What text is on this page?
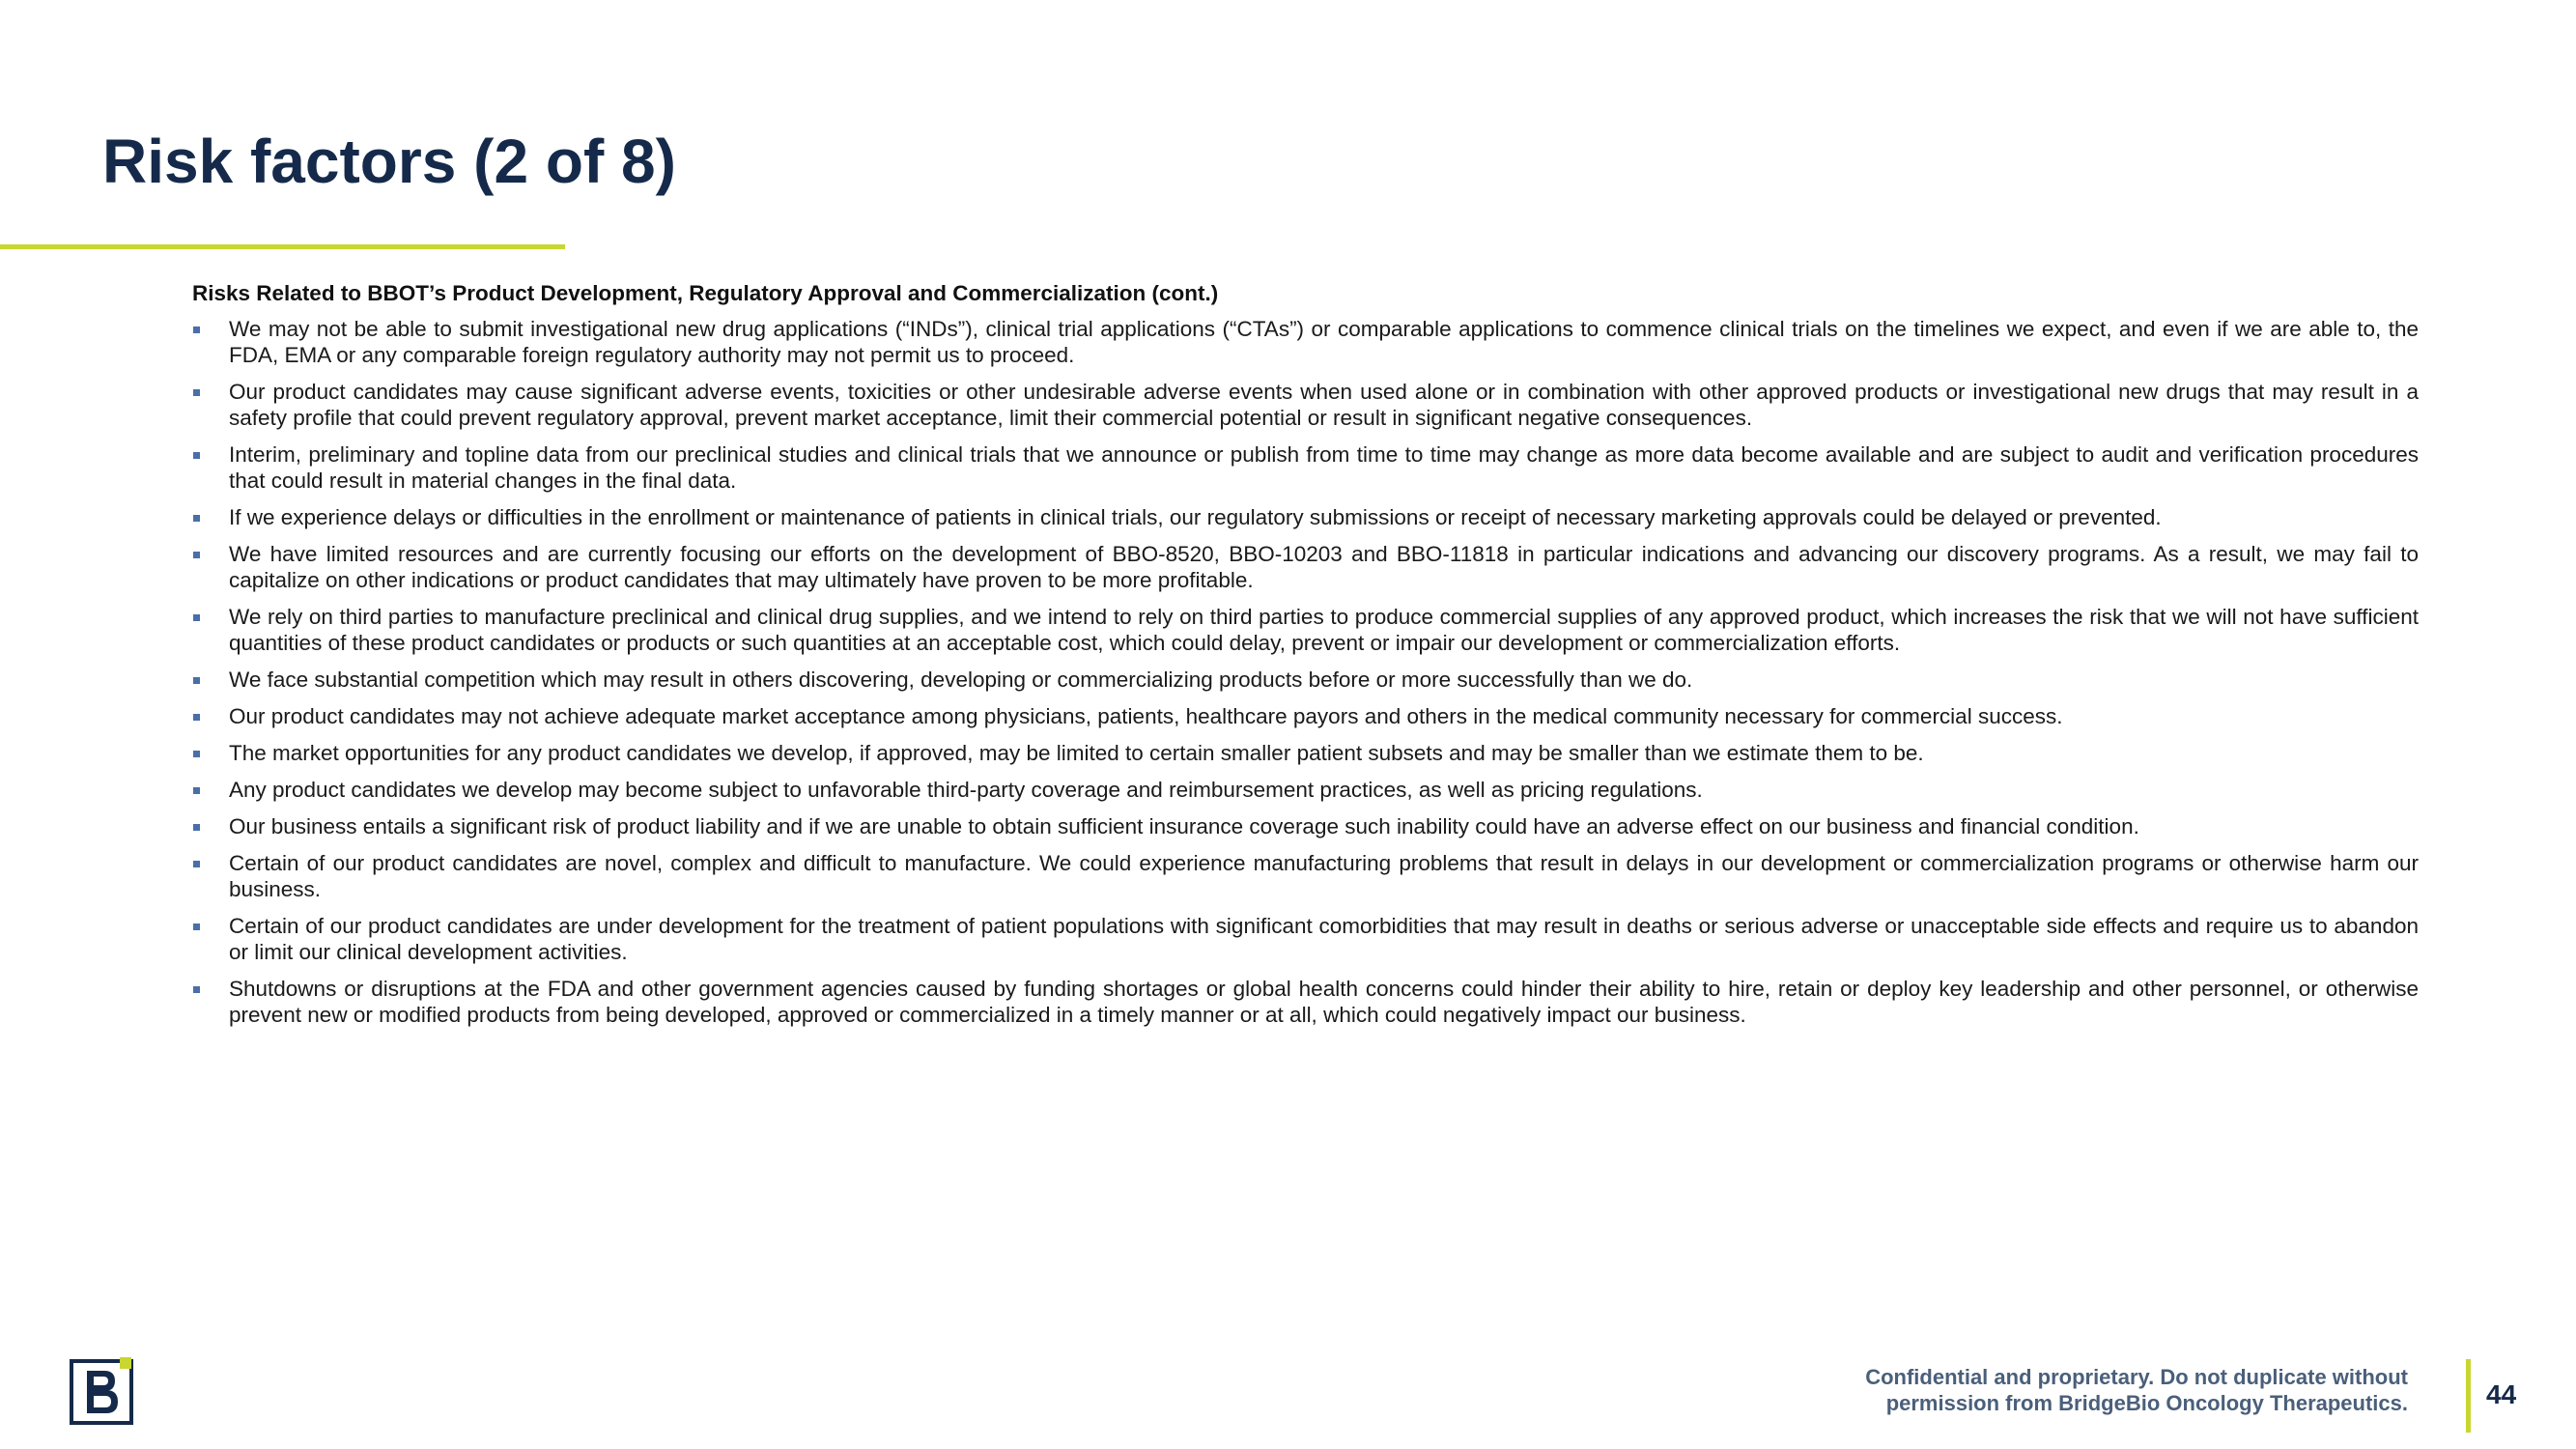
Risk factors (2 of 8)

Risks Related to BBOT’s Product Development, Regulatory Approval and Commercialization (cont.)

We may not be able to submit investigational new drug applications (“INDs”), clinical trial applications (“CTAs”) or comparable applications to commence clinical trials on the timelines we expect, and even if we are able to, the FDA, EMA or any comparable foreign regulatory authority may not permit us to proceed.
Our product candidates may cause significant adverse events, toxicities or other undesirable adverse events when used alone or in combination with other approved products or investigational new drugs that may result in a safety profile that could prevent regulatory approval, prevent market acceptance, limit their commercial potential or result in significant negative consequences.
Interim, preliminary and topline data from our preclinical studies and clinical trials that we announce or publish from time to time may change as more data become available and are subject to audit and verification procedures that could result in material changes in the final data.
If we experience delays or difficulties in the enrollment or maintenance of patients in clinical trials, our regulatory submissions or receipt of necessary marketing approvals could be delayed or prevented.
We have limited resources and are currently focusing our efforts on the development of BBO-8520, BBO-10203 and BBO-11818 in particular indications and advancing our discovery programs. As a result, we may fail to capitalize on other indications or product candidates that may ultimately have proven to be more profitable.
We rely on third parties to manufacture preclinical and clinical drug supplies, and we intend to rely on third parties to produce commercial supplies of any approved product, which increases the risk that we will not have sufficient quantities of these product candidates or products or such quantities at an acceptable cost, which could delay, prevent or impair our development or commercialization efforts.
We face substantial competition which may result in others discovering, developing or commercializing products before or more successfully than we do.
Our product candidates may not achieve adequate market acceptance among physicians, patients, healthcare payors and others in the medical community necessary for commercial success.
The market opportunities for any product candidates we develop, if approved, may be limited to certain smaller patient subsets and may be smaller than we estimate them to be.
Any product candidates we develop may become subject to unfavorable third-party coverage and reimbursement practices, as well as pricing regulations.
Our business entails a significant risk of product liability and if we are unable to obtain sufficient insurance coverage such inability could have an adverse effect on our business and financial condition.
Certain of our product candidates are novel, complex and difficult to manufacture. We could experience manufacturing problems that result in delays in our development or commercialization programs or otherwise harm our business.
Certain of our product candidates are under development for the treatment of patient populations with significant comorbidities that may result in deaths or serious adverse or unacceptable side effects and require us to abandon or limit our clinical development activities.
Shutdowns or disruptions at the FDA and other government agencies caused by funding shortages or global health concerns could hinder their ability to hire, retain or deploy key leadership and other personnel, or otherwise prevent new or modified products from being developed, approved or commercialized in a timely manner or at all, which could negatively impact our business.
Confidential and proprietary. Do not duplicate without
permission from BridgeBio Oncology Therapeutics.	44
